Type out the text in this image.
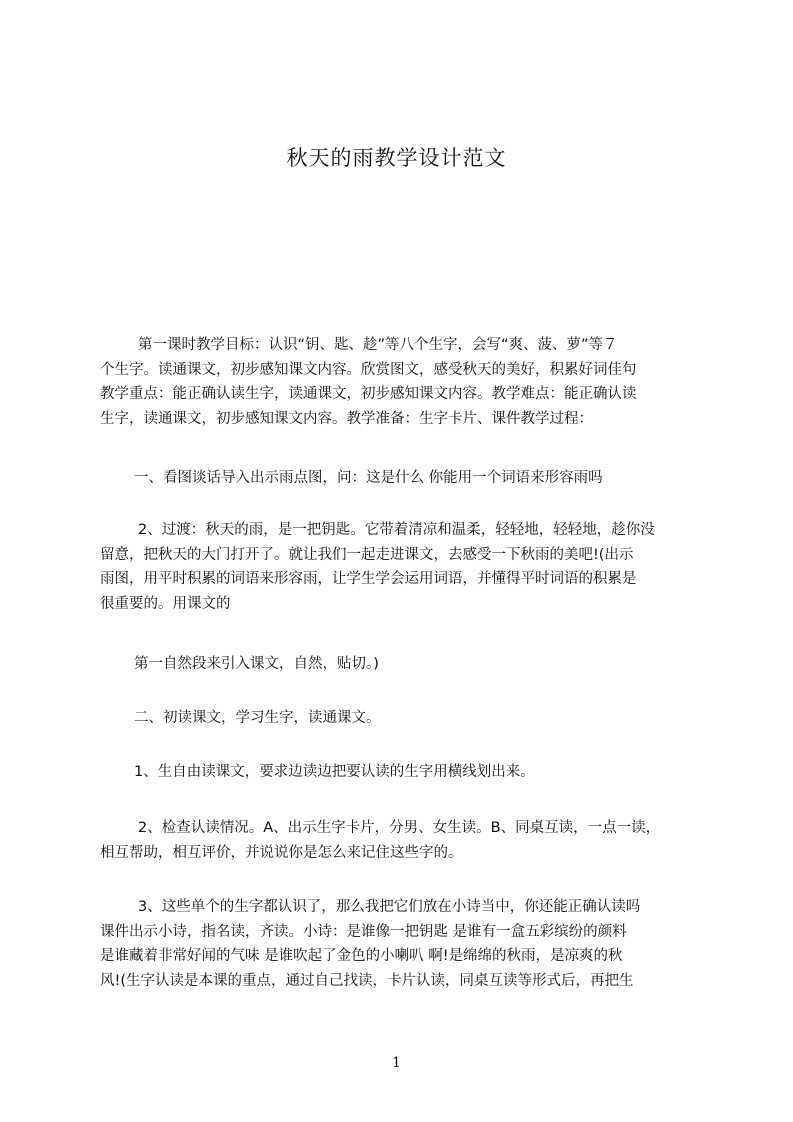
秋天的雨教学设计范文

第一课时教学目标：认识“钥、匙、趁”等八个生字，会写“爽、菠、萝”等７
个生字。读通课文，初步感知课文内容。欣赏图文，感受秋天的美好，积累好词佳句
教学重点：能正确认读生字，读通课文，初步感知课文内容。教学难点：能正确认读
生字，读通课文，初步感知课文内容。教学准备：生字卡片、课件教学过程：

一、看图谈话导入出示雨点图，问：这是什么 你能用一个词语来形容雨吗

2、过渡：秋天的雨，是一把钥匙。它带着清凉和温柔，轻轻地，轻轻地，趁你没
留意，把秋天的大门打开了。就让我们一起走进课文，去感受一下秋雨的美吧!(出示
雨图，用平时积累的词语来形容雨，让学生学会运用词语，并懂得平时词语的积累是
很重要的。用课文的

第一自然段来引入课文，自然，贴切。)

二、初读课文，学习生字，读通课文。

1、生自由读课文，要求边读边把要认读的生字用横线划出来。

2、检查认读情况。A、出示生字卡片，分男、女生读。B、同桌互读，一点一读，
相互帮助，相互评价，并说说你是怎么来记住这些字的。

3、这些单个的生字都认识了，那么我把它们放在小诗当中，你还能正确认读吗
课件出示小诗，指名读，齐读。小诗：是谁像一把钥匙 是谁有一盒五彩缤纷的颜料
是谁藏着非常好闻的气味 是谁吹起了金色的小喇叭 啊!是绵绵的秋雨，是凉爽的秋
风!(生字认读是本课的重点，通过自己找读，卡片认读，同桌互读等形式后，再把生

1
